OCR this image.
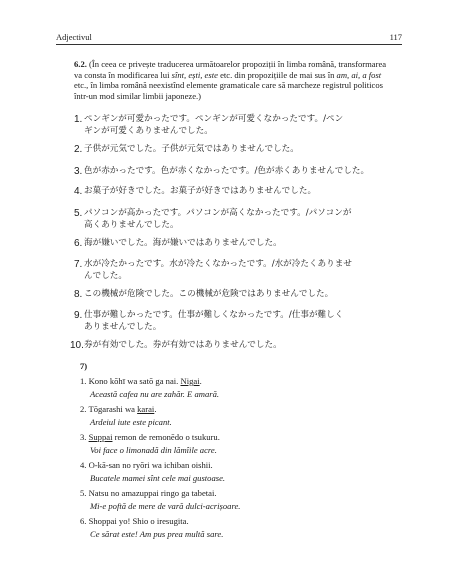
Adjectivul	117
6.2. (În ceea ce privește traducerea următoarelor propoziții în limba română, transformarea va consta în modificarea lui sînt, ești, este etc. din propozițiile de mai sus în am, ai, a fost etc., în limba română neexistînd elemente gramaticale care să marcheze registrul politicos într-un mod similar limbii japoneze.)
1. ペンギンが可愛かったです。ペンギンが可愛くなかったです。/ペン
ギンが可愛くありませんでした。
2. 子供が元気でした。子供が元気ではありませんでした。
3. 色が赤かったです。色が赤くなかったです。/色が赤くありませんでした。
4. お菓子が好きでした。お菓子が好きではありませんでした。
5. パソコンが高かったです。パソコンが高くなかったです。/パソコンが
高くありませんでした。
6. 海が嫌いでした。海が嫌いではありませんでした。
7. 水が冷たかったです。水が冷たくなかったです。/水が冷たくありませ
んでした。
8. この機械が危険でした。この機械が危険ではありませんでした。
9. 仕事が難しかったです。仕事が難しくなかったです。/仕事が難しく
ありませんでした。
10. 券が有効でした。券が有効ではありませんでした。
7)
1. Kono kōhī wa satō ga nai. Nigai.
Această cafea nu are zahăr. E amară.
2. Tōgarashi wa karai.
Ardeiul iute este picant.
3. Suppai remon de remonēdo o tsukuru.
Voi face o limonadă din lămîile acre.
4. O-kā-san no ryōri wa ichiban oishii.
Bucatele mamei sînt cele mai gustoase.
5. Natsu no amazuppai ringo ga tabetai.
Mi-e poftă de mere de vară dulci-acrișoare.
6. Shoppai yo! Shio o iresugita.
Ce sărat este! Am pus prea multă sare.
